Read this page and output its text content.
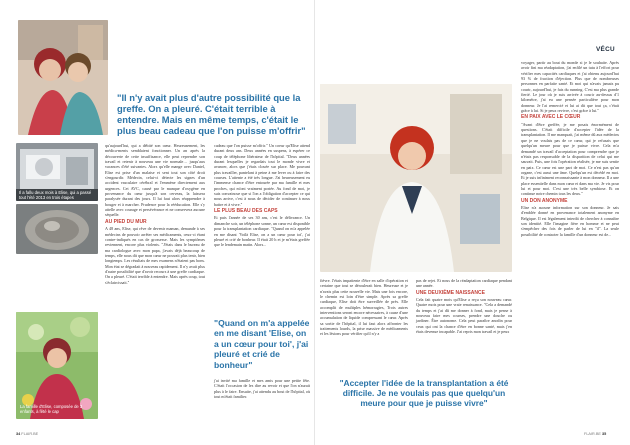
VÉCU
"Il n'y avait plus d'autre possibilité que la greffe. On a pleuré. C'était terrible à entendre. Mais en même temps, c'était le plus beau cadeau que l'on puisse m'offrir"
Il a fallu deux mois à Elise, qui a passé tout l'été 2013 en trois étapes
La famille d'Elise, composée de 3 enfants, à fêté le cap

qu'aujourd'hui, qui a débité son cœur. Heureusement, les médica-ments semblaient fonctionner. Un an après la découverte de cette insuffisance, elle peut reprendre son travail et retenir à nouveau une vie normale… jusqu'aux vacances d'été suivantes. Alors qu'elle mange avec Daniel, Elise est prise d'un malaise et sent tout son côté droit s'engourdir. Médecin, celui-ci détecte les signes d'un accident vasculaire cérébral et l'emmène directement aux urgences. Cet AVC, causé par le manque d'oxygène en provenance du cœur jusqu'à son cerveau, la laissera paralysée durant des jours. Il lui faut alors réapprendre à bouger et à marcher. Prudence pour la rééducation. Elle s'y attelle avec courage et persévérance et ne conservera aucune séquelle.

AU PIED DU MUR

A 48 ans, Elise, qui rêve de devenir maman, demande à ses médecins de pouvoir arrêter ses médicaments, ceux-ci étant contre-indiqués en cas de grossesse. Mais les symptômes reviennent, encore plus violents. "J'étais dans le bureau de ma cardiologue avec mon papa, j'avais déjà beaucoup de temps, elle nous dit que mon cœur ne pouvait plus tenir, bien longtemps. Les résultats de mes examens n'étaient pas bons. Mon état se dégradait à nouveau rapidement. Il n'y avait plus d'autre possibilité que d'avoir recours à une greffe cardiaque. On a pleuré. C'était terrible à entendre. Mais après coup, tout s'éclaircissait."

cadeau que l'on puisse m'offrir." Un coeur qu'Elise attend durant deux ans. Deux années en suspens, à espérer ce coup de téléphone libérateur de l'hôpital. "Deux années durant lesquelles je regardais tout le monde vivre et avancer, alors que j'étais clouée sur place. Me pouvant plus travailler, pantelant à peine à me lever ou à faire des courses. L'attente a été très longue. J'ai heureusement eu l'immense chance d'être entourée par ma famille et mes proches, qui m'ont vraiment portée. Au fond de moi, je suis convaincue que si l'on a l'obligation d'accepter ce qui nous arrive, c'est à nous de décider de continuer à nous battre et à vivre."

LE PLUS BEAU DES CAPS

Et puis l'année de ses 30 ans, c'est le délivrance. Un dimanche soir, un téléphone sonne, un cœur est disponible pour la transplantation cardiaque. "Quand on m'a appelée en me disant 'Voilà Elise, on a un cœur pour toi', j'ai pleuré et crié de bonheur. Il était 20 h et je m'étais greffée que le lendemain matin. Alors...

"Quand on m'a appelée en me disant 'Elise, on a un cœur pour toi', j'ai pleuré et crié de bonheur"

j'ai invité ma famille et mes amis pour une petite fête. C'était l'occasion de les dire au revoir et que l'on n'aurait plus à le faire. Ensuite, j'ai attendu au bout de l'hôpital, où tout m'était familier.

fièvre. J'étais impatiente d'être en salle d'opération et certaine que tout se déroulerait bien. Heureuse et je n'avais plus cette nouvelle vie. Mais une fois encore, le chemin est loin d'être simple. Après sa greffe cardiaque, Elise doit être surveillée de près. Elle accomplit de multiples hémorragies, Trois autres interventions seront encore nécessaires, à cause d'une accumulation de liquide compressant le cœur. Après sa sortie de l'hôpital, il lui faut alors affronter les traitements lourds, la prise massive de médicaments et les lésions pour vérifier qu'il n'y a

pas de rejet. Et nous de la réadaptation cardiaque pendant une année.

UNE DEUXIÈME NAISSANCE

Cela fait quatre mois qu'Elise a reçu son nouveau cœur. Quatre mois pour une vraie renaissance. "Cela a demandé du temps et j'ai dû me donner à fond, mais je pense à nouveau faire mes courses, prendre une douche ou jardiner. Être autonome. Cela peut paraître anodin pour ceux qui ont la chance d'être en bonne santé, mais j'en étais devenue incapable. J'ai repris mon travail et je peux

"Accepter l'idée de la transplantation a été difficile. Je ne voulais pas que quelqu'un meure pour que je puisse vivre"

voyager, partir au bout du monde si je le souhaite. Après avoir fini ma réadaptation, j'ai enfilé un tutu à l'effort pour vérifier mes capacités cardiaques et j'ai obtenu aujourd'hui 93 % de fraction d'éjection. Plus que de nombreuses personnes en parfaite santé. Et moi qui n'avais jamais pu courir, aujourd'hui, je fais du running. C'est ma plus grande fierté. Le jour où je suis arrivée à courir au-dessus d'1 kilomètre, j'ai eu une pensée particulière pour mon donneur. Je l'ai remercié et lui ai dit que tout ça, c'était grâce à lui. Si je peux revivre, c'est grâce à lui."

EN PAIX AVEC LE CŒUR

"Avant d'être greffée, je me posais énormément de questions. C'était difficile d'accepter l'idée de la transplantation. Il me manquait, j'ai même dû aux médecins que je ne voulais pas de ce cœur, qui je refusais que quelqu'un meure pour que je puisse vivre. Cela m'a demandé un travail d'acceptation pour comprendre que je n'étais pas responsable de la disparition de celui qui me sauvait. Puis, une fois l'opération réalisée, je me suis sentie en paix. Ce cœur est une part de moi. Ce n'est pas qu'un organe, c'est aussi une âme. Quelqu'un est décédé en moi. Et je suis infiniment reconnaissante à mon donneur. Il a une place essentielle dans mon cœur et dans ma vie. Je vis pour lui et pour moi. C'est une très belle symbiose. Et on continue notre chemin tous les deux."

UN DON ANONYME

Elise n'a aucune information sur son donneur. Je sais d'emblée donné en provenance totalement anonyme en Belgique. Il est légalement interdit de chercher à connaître son identité. Elle l'imagine fière en homme et ne peut s'empêcher des fois de parler de lui en "il". La seule possibilité de contacter la famille d'un donneur est de...

34 FLAIR.BE	FLAIR.BE 35
